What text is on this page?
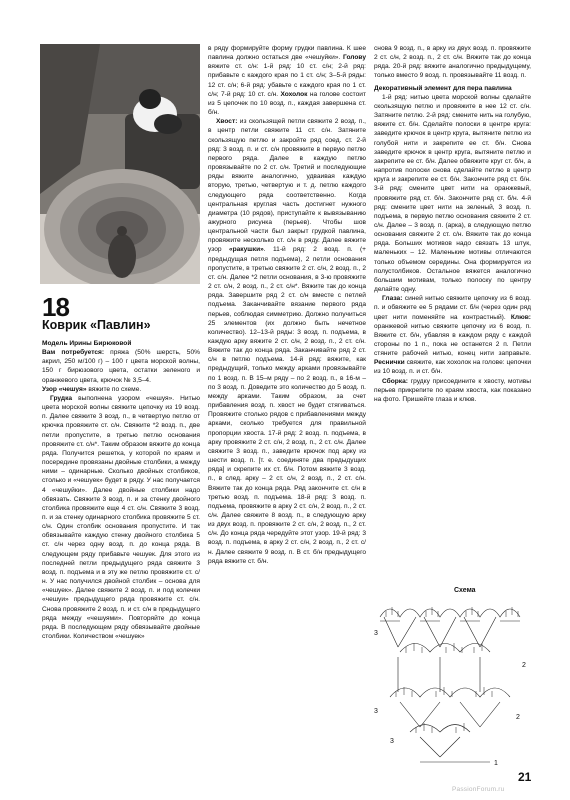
18
Коврик «Павлин»

Модель Ирины Бирюковой

Вам потребуется: пряжа (50% шерсть, 50% акрил, 250 м/100 г) – 100 г цвета морской волны, 150 г бирюзового цвета, остатки зеленого и оранжевого цвета, крючок № 3,5–4.

Узор «чешуя» вяжите по схеме.

Грудка выполнена узором «чешуя». Нитью цвета морской волны свяжите цепочку из 19 возд. п. Далее свяжите 3 возд. п., в четвертую петлю от крючка провяжите ст. с/н. Свяжите *2 возд. п., две петли пропустите, в третью петлю основания провяжите ст. с/н*. Таким образом вяжите до конца ряда. Получится решетка, у которой по краям и посередине провязаны двойные столбики, а между ними – одинарные. Сколько двойных столбиков, столько и «чешуек» будет в ряду. У нас получается 4 «чешуйки». Далее двойные столбики надо обвязать. Свяжите 3 возд. п. и за стенку двойного столбика провяжите еще 4 ст. с/н. Свяжите 3 возд. п. и за стенку одинарного столбика провяжите 5 ст. с/н. Один столбик основания пропустите. И так обвязывайте каждую стенку двойного столбика 5 ст. с/н через одну возд. п. до конца ряда. В следующем ряду прибавьте чешуек. Для этого из последней петли предыдущего ряда свяжите 3 возд. п. подъема и в эту же петлю провяжите ст. с/н. У нас получился двойной столбик – основа для «чешуек». Далее свяжите 2 возд. п. и под колечки «чешуи» предыдущего ряда провяжите ст. с/н. Снова провяжите 2 возд. п. и ст. с/н в предыдущего ряда между «чешуями». Повторяйте до конца ряда. В последующем ряду обвязывайте двойные столбики. Количеством «чешуек»

в ряду формируйте форму грудки павлина. К шее павлина должно остаться две «чешуйки». Голову вяжите ст. с/н: 1-й ряд: 10 ст. с/н; 2-й ряд: прибавьте с каждого края по 1 ст. с/н; 3–5-й ряды: 12 ст. с/н; 6-й ряд: убавьте с каждого края по 1 ст. с/н; 7-й ряд: 10 ст. с/н. Хохолок на голове состоит из 5 цепочек по 10 возд. п., каждая завершена ст. б/н.

Хвост: из скользящей петли свяжите 2 возд. п., в центр петли свяжите 11 ст. с/н. Затяните скользящую петлю и закройте ряд соед. ст. 2-й ряд: 3 возд. п. и ст. с/н провяжите в первую петлю первого ряда. Далее в каждую петлю провязывайте по 2 ст. с/н. Третий и последующие ряды вяжите аналогично, удваивая каждую вторую, третью, четвертую и т. д. петлю каждого следующего ряда соответственно. Когда центральная круглая часть достигнет нужного диаметра (10 рядов), приступайте к вывязыванию ажурного рисунка (перьев). Чтобы шов центральной части был закрыт грудкой павлина, провяжите несколько ст. с/н в ряду. Далее вяжите узор «ракушки». 11-й ряд: 2 возд. п. (+ предыдущая петля подъема), 2 петли основания пропустите, в третью свяжите 2 ст. с/н, 2 возд. п., 2 ст. с/н. Далее *2 петли основания, в 3-ю провяжите 2 ст. с/н, 2 возд. п., 2 ст. с/н*. Вяжите так до конца ряда. Завершите ряд 2 ст. с/н вместе с петлей подъема. Заканчивайте вязание первого ряда перьев, соблюдая симметрию. Должно получиться 25 элементов (их должно быть нечетное количество). 12–13-й ряды: 3 возд. п. подъема, в каждую арку вяжите 2 ст. с/н, 2 возд. п., 2 ст. с/н. Вяжите так до конца ряда. Заканчивайте ряд 2 ст. с/н в петлю подъема. 14-й ряд: вяжите, как предыдущий, только между арками провязывайте по 1 возд. п. В 15–м ряду – по 2 возд. п., в 16-м – по 3 возд. п. Доведите это количество до 5 возд. п. между арками. Таким образом, за счет прибавления возд. п. хвост не будет стягиваться. Провяжите столько рядов с прибавлениями между арками, сколько требуется для правильной пропорции хвоста. 17-й ряд: 2 возд. п. подъема, в арку провяжите 2 ст. с/н, 2 возд. п., 2 ст. с/н. Далее свяжите 3 возд. п., заведите крючок под арку из шести возд. п. [т. е. соединяте два предыдущих ряда] и скрепите их ст. б/н. Потом вяжите 3 возд. п., в след. арку – 2 ст. с/н, 2 возд. п., 2 ст. с/н. Вяжите так до конца ряда. Ряд закончите ст. с/н в третью возд. п. подъема. 18-й ряд: 3 возд. п. подъема, провяжите в арку 2 ст. с/н, 2 возд. п., 2 ст. с/н. Далее свяжите 8 возд. п., в следующую арку из двух возд. п. провяжите 2 ст. с/н, 2 возд. п., 2 ст. с/н. До конца ряда чередуйте этот узор. 19-й ряд: 3 возд. п. подъема, в арку 2 ст. с/н, 2 возд. п., 2 ст. с/н. Далее свяжите 9 возд. п. В ст. б/н предыдущего ряда вяжите ст. б/н.

снова 9 возд. п., в арку из двух возд. п. провяжите 2 ст. с/н, 2 возд. п., 2 ст. с/н. Вяжите так до конца ряда. 20-й ряд: вяжите аналогично предыдущему, только вместо 9 возд. п. провязывайте 11 возд. п.

Декоративный элемент для пера павлина

1-й ряд: нитью цвета морской волны сделайте скользящую петлю и провяжите в нее 12 ст. с/н. Затяните петлю. 2-й ряд: смените нить на голубую, вяжите ст. б/н. Сделайте полоски в центре круга: заведите крючок в центр круга, вытяните петлю из голубой нити и закрепите ее ст. б/н. Снова заведите крючок в центр круга, вытяните петлю и закрепите ее ст. б/н. Далее обвяжите круг ст. б/н, а напротив полоски снова сделайте петлю в центр круга и закрепите ее ст. б/н. Закончите ряд ст. б/н. 3-й ряд: смените цвет нити на оранжевый, провяжите ряд ст. б/н. Закончите ряд ст. б/н. 4-й ряд: смените цвет нити на зеленый, 3 возд. п. подъема, в первую петлю основания свяжите 2 ст. с/н. Далее – 3 возд. п. (арка), в следующую петлю основания свяжите 2 ст. с/н. Вяжите так до конца ряда. Больших мотивов надо связать 13 штук, маленьких – 12. Маленькие мотивы отличаются только объемом середины. Она формируется из полустолбиков. Остальное вяжется аналогично большим мотивам, только полоску по центру делайте одну.

Глаза: синей нитью свяжите цепочку из 6 возд. п. и обвяжите ее 5 рядами ст. б/н (через один ряд цвет нити поменяйте на контрастный). Клюв: оранжевой нитью свяжите цепочку из 6 возд. п. Вяжите ст. б/н, убавляя в каждом ряду с каждой стороны по 1 п., пока не останется 2 п. Петли стяните рабочей нитью, конец нити заправьте. Реснички свяжите, как хохолок на голове: цепочки из 10 возд. п. и ст. б/н.

Сборка: грудку присоедините к хвосту, мотивы перьев прикрепите по краям хвоста, как показано на фото. Пришейте глаза и клюв.

Схема
3
2
3
2
3
1
21
PassionForum.ru
